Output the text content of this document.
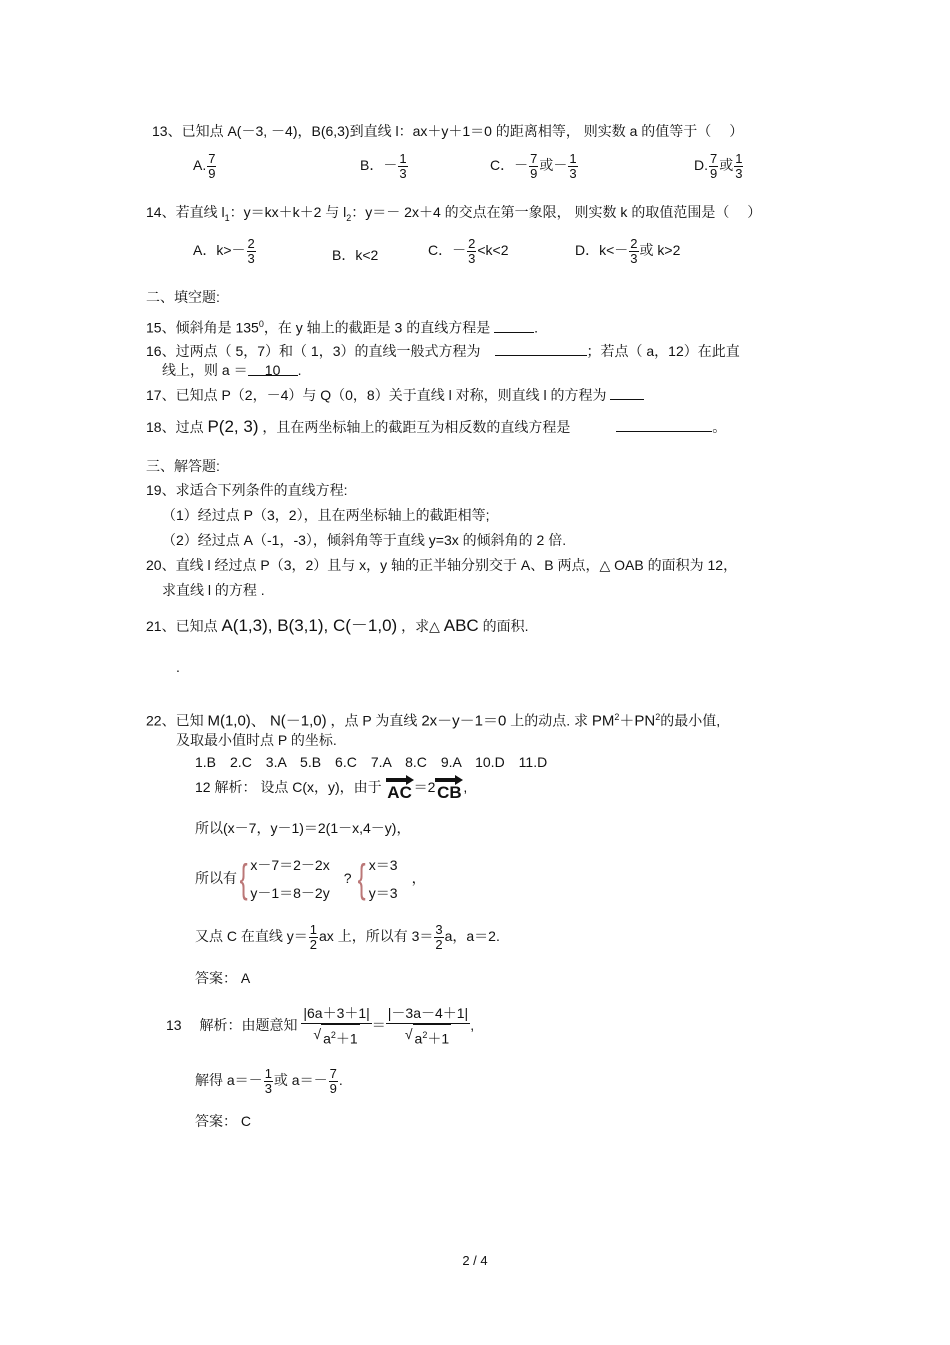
13、已知点 A(－3, －4)，B(6,3)到直线 l：ax＋y＋1＝0 的距离相等， 则实数 a 的值等于（　 ）
A. $\frac{7}{9}$	B．－ $\frac{1}{3}$	C．－ $\frac{7}{9}$ 或－ $\frac{1}{3}$	D. $\frac{7}{9}$ 或 $\frac{1}{3}$
14、若直线 $l_1$：y＝kx＋k＋2 与 $l_2$：y＝－ 2x＋4 的交点在第一象限， 则实数 k 的取值范围是（　 ）
A．$k>- \frac{2}{3}$	B．k<2	C．－ $\frac{2}{3} <k<2$	D．$k<- \frac{2}{3}$ 或 k>2
二、填空题:
15、倾斜角是 $135^0$，在 y 轴上的截距是 3 的直线方程是	.
16、过两点（ 5，7）和（ 1，3）的直线一般式方程为　	；若点（ a，12）在此直
线上，则 a ＝ 10 .
17、已知点 P（2，－4）与 Q（0，8）关于直线 l 对称，则直线 l 的方程为
18、过点 P(2, 3) ，且在两坐标轴上的截距互为相反数的直线方程是　　　	。
三、解答题:
19、求适合下列条件的直线方程:
（1）经过点 P（3，2），且在两坐标轴上的截距相等;
（2）经过点 A（-1，-3），倾斜角等于直线 y=3x 的倾斜角的 2 倍.
20、直线 l 经过点 P（3，2）且与 x，y 轴的正半轴分别交于 A、B 两点，△ OAB 的面积为 12，
求直线 l 的方程 .
21、已知点 A(1,3), B(3,1), C(－1,0) ，求△ ABC 的面积.
.
22、已知 M(1,0)、 N(－1,0) ，点 P 为直线 2x－y－1＝0 上的动点. 求 $PM^2+PN^2$的最小值,
及取最小值时点 P 的坐标.
1.B　2.C　3.A　5.B　6.C　7.A　8.C　9.A　10.D　11.D
12 解析： 设点 C(x，y)，由于 AC ＝2 CB ,
所以(x－7，y－1)＝2(1－x,4－y)，
所以有{ x－7＝2－2x
y－1＝8－2y
　? { x＝3
y＝3
　，
又点 C 在直线 $y= \frac{1}{2}$ ax 上，所以有 $3= \frac{3}{2}$ a，a＝2.
答案： A
13　 解析：由题意知 $\frac{|6a+3+1|}{√ a^2+1} = \frac{|-3a-4+1|}{√ a^2+1}$ ,
解得 $a=- \frac{1}{3}$ 或 $a=- \frac{7}{9}$ .
答案： C
2 / 4
